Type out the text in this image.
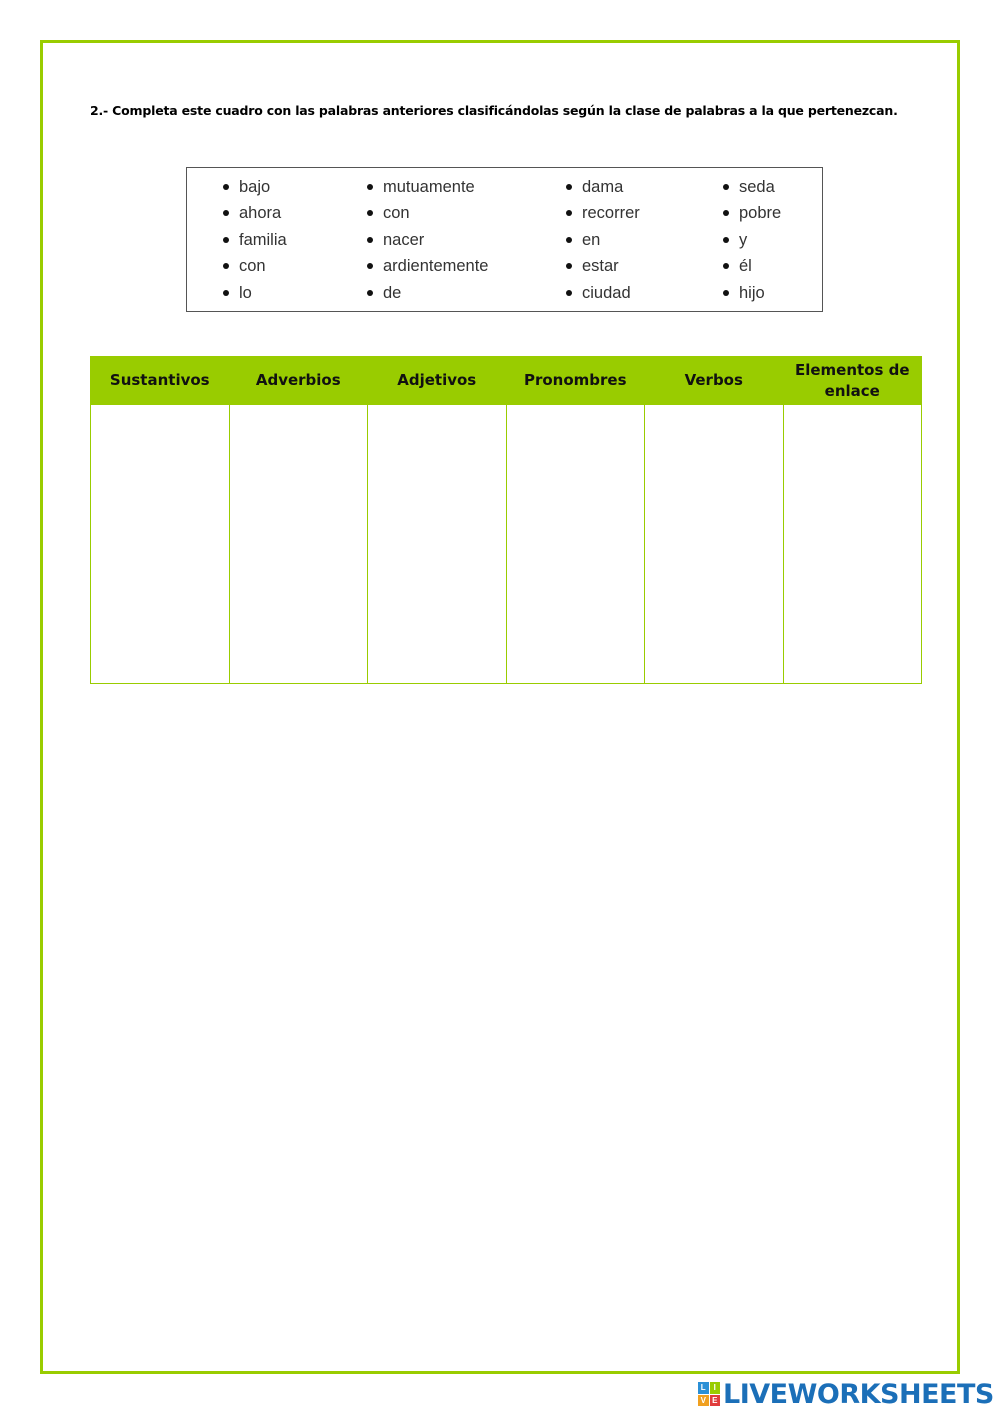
2.- Completa este cuadro con las palabras anteriores clasificándolas según la clase de palabras a la que pertenezcan.
bajo
ahora
familia
con
lo
mutuamente
con
nacer
ardientemente
de
dama
recorrer
en
estar
ciudad
seda
pobre
y
él
hijo
Sustantivos	Adverbios	Adjetivos	Pronombres	Verbos	Elementos de enlace

L I
V E LIVEWORKSHEETS
